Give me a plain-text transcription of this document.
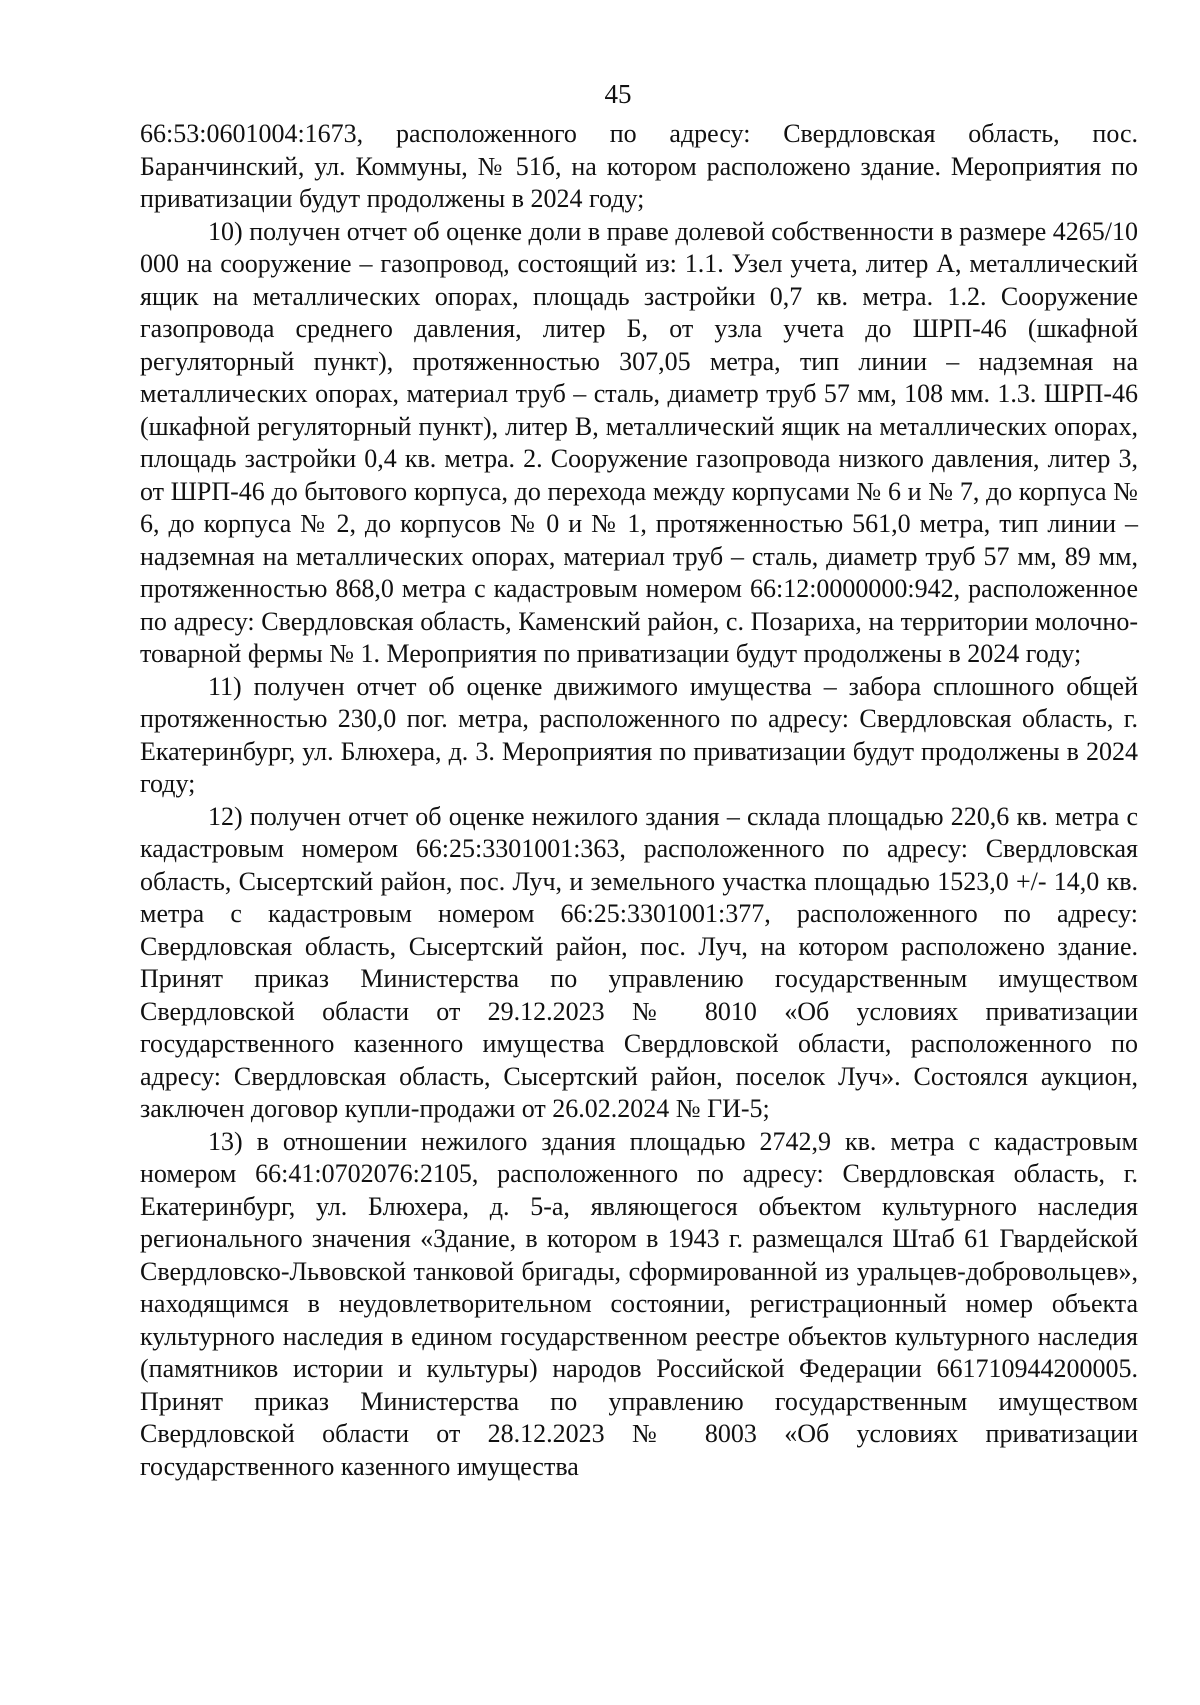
45

66:53:0601004:1673, расположенного по адресу: Свердловская область, пос. Баранчинский, ул. Коммуны, № 51б, на котором расположено здание. Мероприятия по приватизации будут продолжены в 2024 году;

10) получен отчет об оценке доли в праве долевой собственности в размере 4265/10 000 на сооружение – газопровод, состоящий из: 1.1. Узел учета, литер А, металлический ящик на металлических опорах, площадь застройки 0,7 кв. метра. 1.2. Сооружение газопровода среднего давления, литер Б, от узла учета до ШРП-46 (шкафной регуляторный пункт), протяженностью 307,05 метра, тип линии – надземная на металлических опорах, материал труб – сталь, диаметр труб 57 мм, 108 мм. 1.3. ШРП-46 (шкафной регуляторный пункт), литер В, металлический ящик на металлических опорах, площадь застройки 0,4 кв. метра. 2. Сооружение газопровода низкого давления, литер 3, от ШРП-46 до бытового корпуса, до перехода между корпусами № 6 и № 7, до корпуса № 6, до корпуса № 2, до корпусов № 0 и № 1, протяженностью 561,0 метра, тип линии – надземная на металлических опорах, материал труб – сталь, диаметр труб 57 мм, 89 мм, протяженностью 868,0 метра с кадастровым номером 66:12:0000000:942, расположенное по адресу: Свердловская область, Каменский район, с. Позариха, на территории молочно-товарной фермы № 1. Мероприятия по приватизации будут продолжены в 2024 году;

11) получен отчет об оценке движимого имущества – забора сплошного общей протяженностью 230,0 пог. метра, расположенного по адресу: Свердловская область, г. Екатеринбург, ул. Блюхера, д. 3. Мероприятия по приватизации будут продолжены в 2024 году;

12) получен отчет об оценке нежилого здания – склада площадью 220,6 кв. метра с кадастровым номером 66:25:3301001:363, расположенного по адресу: Свердловская область, Сысертский район, пос. Луч, и земельного участка площадью 1523,0 +/- 14,0 кв. метра с кадастровым номером 66:25:3301001:377, расположенного по адресу: Свердловская область, Сысертский район, пос. Луч, на котором расположено здание. Принят приказ Министерства по управлению государственным имуществом Свердловской области от 29.12.2023 № 8010 «Об условиях приватизации государственного казенного имущества Свердловской области, расположенного по адресу: Свердловская область, Сысертский район, поселок Луч». Состоялся аукцион, заключен договор купли-продажи от 26.02.2024 № ГИ-5;

13) в отношении нежилого здания площадью 2742,9 кв. метра с кадастровым номером 66:41:0702076:2105, расположенного по адресу: Свердловская область, г. Екатеринбург, ул. Блюхера, д. 5-а, являющегося объектом культурного наследия регионального значения «Здание, в котором в 1943 г. размещался Штаб 61 Гвардейской Свердловско-Львовской танковой бригады, сформированной из уральцев-добровольцев», находящимся в неудовлетворительном состоянии, регистрационный номер объекта культурного наследия в едином государственном реестре объектов культурного наследия (памятников истории и культуры) народов Российской Федерации 661710944200005. Принят приказ Министерства по управлению государственным имуществом Свердловской области от 28.12.2023 № 8003 «Об условиях приватизации государственного казенного имущества
